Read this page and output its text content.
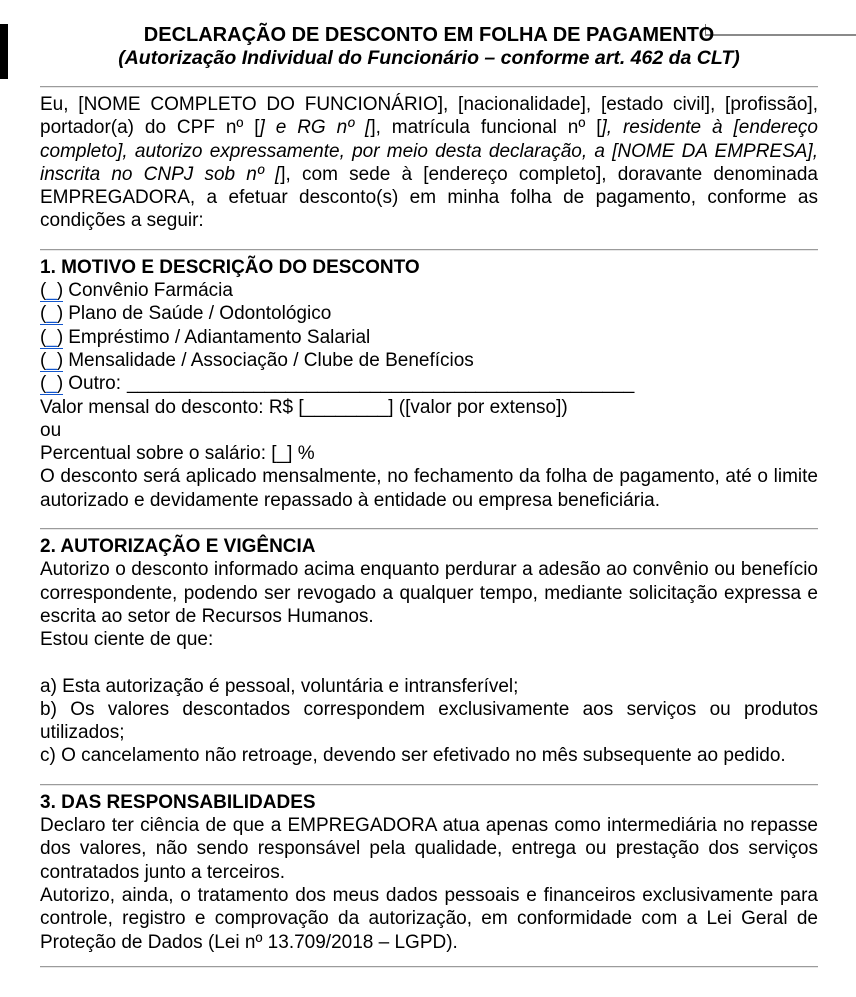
DECLARAÇÃO DE DESCONTO EM FOLHA DE PAGAMENTO
(Autorização Individual do Funcionário – conforme art. 462 da CLT)

Eu, [NOME COMPLETO DO FUNCIONÁRIO], [nacionalidade], [estado civil], [profissão], portador(a) do CPF nº [] e RG nº [], matrícula funcional nº [], residente à [endereço completo], autorizo expressamente, por meio desta declaração, a [NOME DA EMPRESA], inscrita no CNPJ sob nº [], com sede à [endereço completo], doravante denominada EMPREGADORA, a efetuar desconto(s) em minha folha de pagamento, conforme as condições a seguir:

1. MOTIVO E DESCRIÇÃO DO DESCONTO
(_) Convênio Farmácia
(_) Plano de Saúde / Odontológico
(_) Empréstimo / Adiantamento Salarial
(_) Mensalidade / Associação / Clube de Benefícios
(_) Outro: ________________________________________________
Valor mensal do desconto: R$ [________] ([valor por extenso])
ou
Percentual sobre o salário: [_] %

O desconto será aplicado mensalmente, no fechamento da folha de pagamento, até o limite autorizado e devidamente repassado à entidade ou empresa beneficiária.

2. AUTORIZAÇÃO E VIGÊNCIA

Autorizo o desconto informado acima enquanto perdurar a adesão ao convênio ou benefício correspondente, podendo ser revogado a qualquer tempo, mediante solicitação expressa e escrita ao setor de Recursos Humanos.

Estou ciente de que:

a) Esta autorização é pessoal, voluntária e intransferível;

b) Os valores descontados correspondem exclusivamente aos serviços ou produtos utilizados;

c) O cancelamento não retroage, devendo ser efetivado no mês subsequente ao pedido.

3. DAS RESPONSABILIDADES

Declaro ter ciência de que a EMPREGADORA atua apenas como intermediária no repasse dos valores, não sendo responsável pela qualidade, entrega ou prestação dos serviços contratados junto a terceiros.

Autorizo, ainda, o tratamento dos meus dados pessoais e financeiros exclusivamente para controle, registro e comprovação da autorização, em conformidade com a Lei Geral de Proteção de Dados (Lei nº 13.709/2018 – LGPD).
